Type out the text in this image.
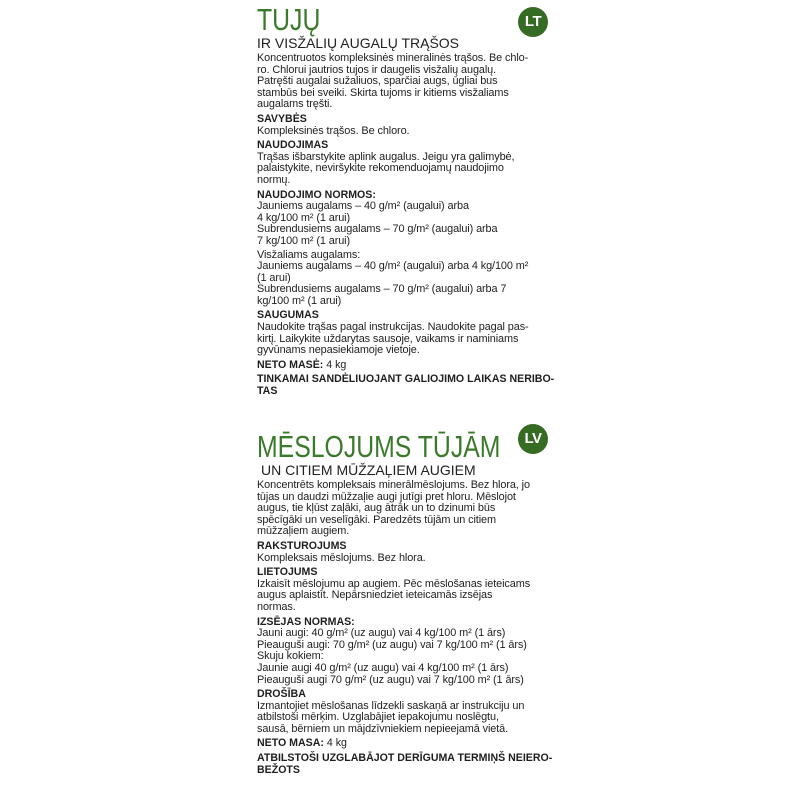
LT
TUJŲ
IR VISŽALIŲ AUGALŲ TRĄŠOS
Koncentruotos kompleksinės mineralinės trąšos. Be chlo-
ro. Chlorui jautrios tujos ir daugelis visžalių augalų.
Patręšti augalai sužaliuos, sparčiai augs, ūgliai bus
stambūs bei sveiki. Skirta tujoms ir kitiems visžaliams
augalams tręšti.
SAVYBĖS
Kompleksinės trąšos. Be chloro.
NAUDOJIMAS
Trąšas išbarstykite aplink augalus. Jeigu yra galimybė,
palaistykite, neviršykite rekomenduojamų naudojimo
normų.
NAUDOJIMO NORMOS:
Jauniems augalams – 40 g/m² (augalui) arba
4 kg/100 m² (1 arui)
Subrendusiems augalams – 70 g/m² (augalui) arba
7 kg/100 m² (1 arui)
Visžaliams augalams:
Jauniems augalams – 40 g/m² (augalui) arba 4 kg/100 m²
(1 arui)
Subrendusiems augalams – 70 g/m² (augalui) arba 7
kg/100 m² (1 arui)
SAUGUMAS
Naudokite trąšas pagal instrukcijas. Naudokite pagal pas-
kirtį. Laikykite uždarytas sausoje, vaikams ir naminiams
gyvūnams nepasiekiamoje vietoje.
NETO MASĖ: 4 kg
TINKAMAI SANDĖLIUOJANT GALIOJIMO LAIKAS NERIBO-
TAS
LV
MĒSLOJUMS TŪJĀM
UN CITIEM MŪŽZAĻIEM AUGIEM
Koncentrēts kompleksais minerālmēslojums. Bez hlora, jo
tūjas un daudzi mūžzaļie augi jutīgi pret hloru. Mēslojot
augus, tie kļūst zaļāki, aug ātrāk un to dzinumi būs
spēcīgāki un veselīgāki. Paredzēts tūjām un citiem
mūžzaļiem augiem.
RAKSTUROJUMS
Kompleksais mēslojums. Bez hlora.
LIETOJUMS
Izkaisīt mēslojumu ap augiem. Pēc mēslošanas ieteicams
augus aplaistīt. Nepārsniedziet ieteicamās izsējas
normas.
IZSĒJAS NORMAS:
Jauni augi: 40 g/m² (uz augu) vai 4 kg/100 m² (1 ārs)
Pieauguši augi: 70 g/m² (uz augu) vai 7 kg/100 m² (1 ārs)
Skuju kokiem:
Jaunie augi 40 g/m² (uz augu) vai 4 kg/100 m² (1 ārs)
Pieauguši augi 70 g/m² (uz augu) vai 7 kg/100 m² (1 ārs)
DROŠĪBA
Izmantojiet mēslošanas līdzekli saskaņā ar instrukciju un
atbilstoši mērķim. Uzglabājiet iepakojumu noslēgtu,
sausā, bērniem un mājdzīvniekiem nepieejamā vietā.
NETO MASA: 4 kg
ATBILSTOŠI UZGLABĀJOT DERĪGUMA TERMIŅŠ NEIERO-
BEŽOTS
